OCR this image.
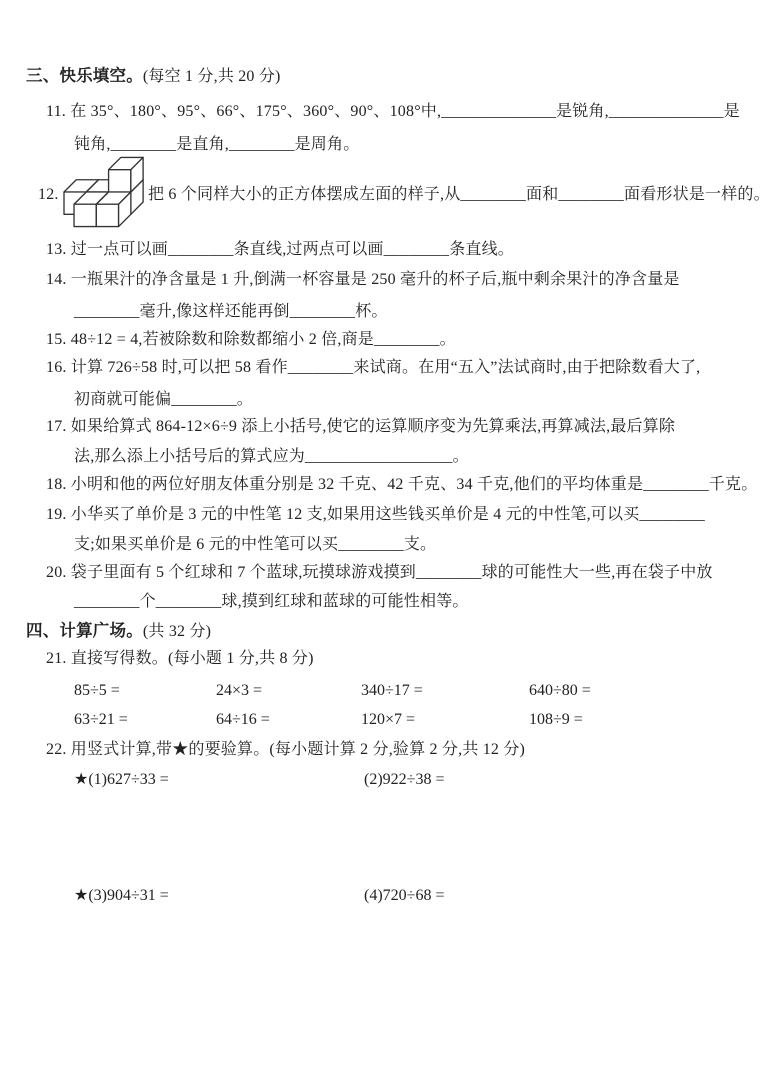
三、快乐填空。(每空 1 分,共 20 分)
11. 在 35°、180°、95°、66°、175°、360°、90°、108°中,______________是锐角,______________是
钝角,________是直角,________是周角。
12.	把 6 个同样大小的正方体摆成左面的样子,从________面和________面看形状是一样的。
13. 过一点可以画________条直线,过两点可以画________条直线。
14. 一瓶果汁的净含量是 1 升,倒满一杯容量是 250 毫升的杯子后,瓶中剩余果汁的净含量是
________毫升,像这样还能再倒________杯。
15. 48÷12 = 4,若被除数和除数都缩小 2 倍,商是________。
16. 计算 726÷58 时,可以把 58 看作________来试商。在用“五入”法试商时,由于把除数看大了,
初商就可能偏________。
17. 如果给算式 864-12×6÷9 添上小括号,使它的运算顺序变为先算乘法,再算减法,最后算除
法,那么添上小括号后的算式应为__________________。
18. 小明和他的两位好朋友体重分别是 32 千克、42 千克、34 千克,他们的平均体重是________千克。
19. 小华买了单价是 3 元的中性笔 12 支,如果用这些钱买单价是 4 元的中性笔,可以买________
支;如果买单价是 6 元的中性笔可以买________支。
20. 袋子里面有 5 个红球和 7 个蓝球,玩摸球游戏摸到________球的可能性大一些,再在袋子中放
________个________球,摸到红球和蓝球的可能性相等。
四、计算广场。(共 32 分)
21. 直接写得数。(每小题 1 分,共 8 分)
85÷5 =	24×3 =	340÷17 =	640÷80 =
63÷21 =	64÷16 =	120×7 =	108÷9 =
22. 用竖式计算,带★的要验算。(每小题计算 2 分,验算 2 分,共 12 分)
★(1)627÷33 =	(2)922÷38 =
★(3)904÷31 =	(4)720÷68 =
